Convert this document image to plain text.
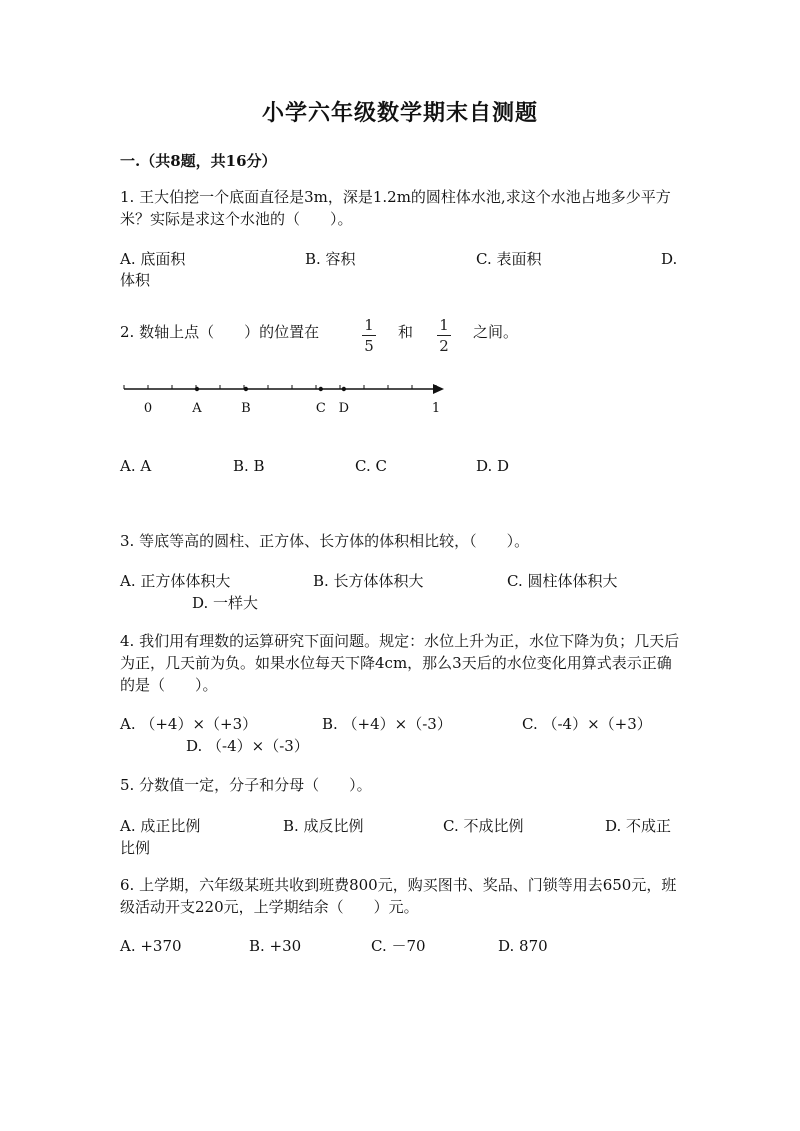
小学六年级数学期末自测题
一.（共8题，共16分）
1. 王大伯挖一个底面直径是3m，深是1.2m的圆柱体水池,求这个水池占地多少平方米？实际是求这个水池的（　　）。
A. 底面积	B. 容积	C. 表面积	D.
体积
2. 数轴上点（　　）的位置在	1
5
和 1
2
之间。
0	A	B	C D	1
A. A	B. B	C. C	D. D
3. 等底等高的圆柱、正方体、长方体的体积相比较，（　　）。
A. 正方体体积大	B. 长方体体积大	C. 圆柱体体积大
D. 一样大
4. 我们用有理数的运算研究下面问题。规定：水位上升为正，水位下降为负；几天后为正，几天前为负。如果水位每天下降4cm，那么3天后的水位变化用算式表示正确的是（　　）。
A. （+4）×（+3）	B. （+4）×（-3）	C. （-4）×（+3）
D. （-4）×（-3）
5. 分数值一定，分子和分母（　　）。
A. 成正比例	B. 成反比例	C. 不成比例	D. 不成正
比例
6. 上学期，六年级某班共收到班费800元，购买图书、奖品、门锁等用去650元，班级活动开支220元，上学期结余（　　）元。
A. +370	B. +30	C. －70	D. 870
